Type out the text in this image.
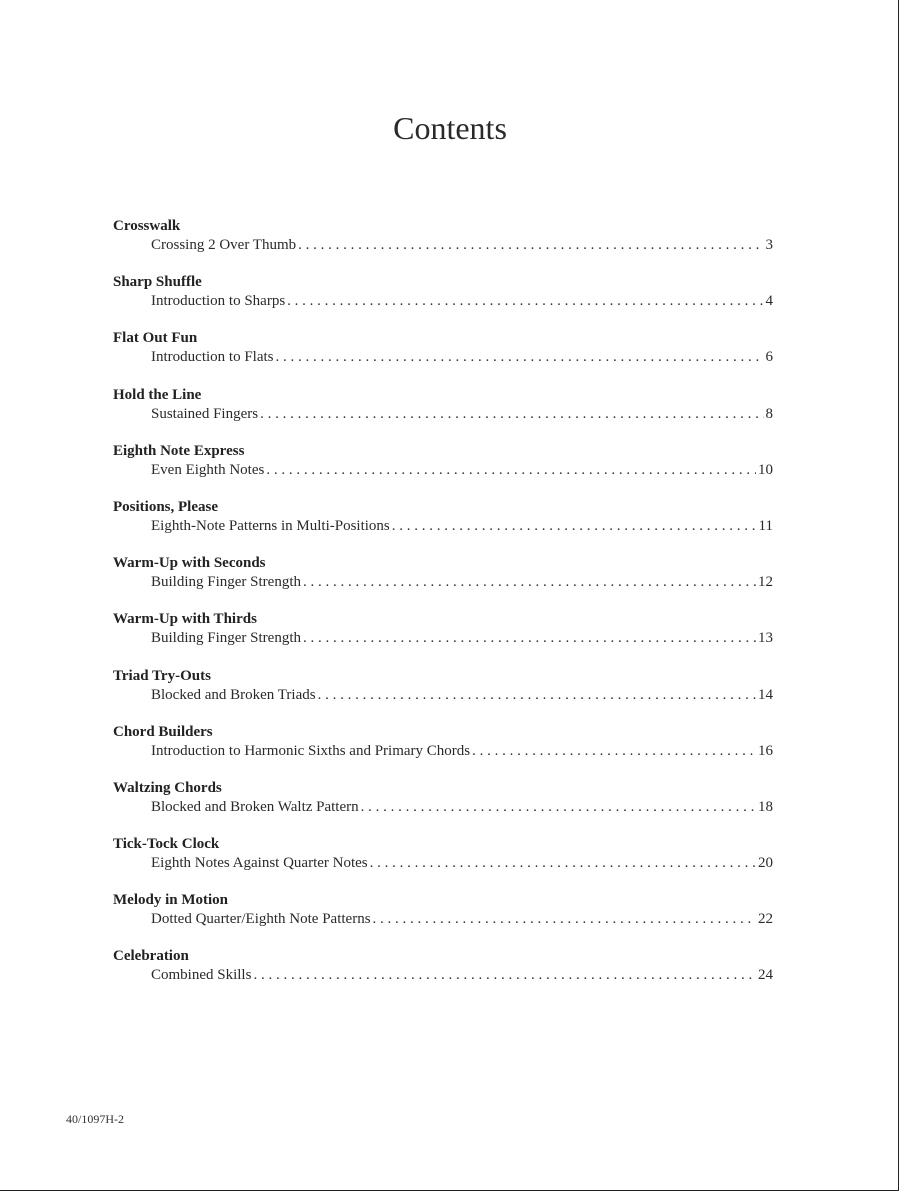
Contents
Crosswalk
Crossing 2 Over Thumb . . .	3
Sharp Shuffle
Introduction to Sharps . . .	4
Flat Out Fun
Introduction to Flats . . .	6
Hold the Line
Sustained Fingers . . .	8
Eighth Note Express
Even Eighth Notes . . .	10
Positions, Please
Eighth-Note Patterns in Multi-Positions . . .	11
Warm-Up with Seconds
Building Finger Strength . . .	12
Warm-Up with Thirds
Building Finger Strength . . .	13
Triad Try-Outs
Blocked and Broken Triads . . .	14
Chord Builders
Introduction to Harmonic Sixths and Primary Chords . . .	16
Waltzing Chords
Blocked and Broken Waltz Pattern . . .	18
Tick-Tock Clock
Eighth Notes Against Quarter Notes . . .	20
Melody in Motion
Dotted Quarter/Eighth Note Patterns . . .	22
Celebration
Combined Skills . . .	24
40/1097H-2
